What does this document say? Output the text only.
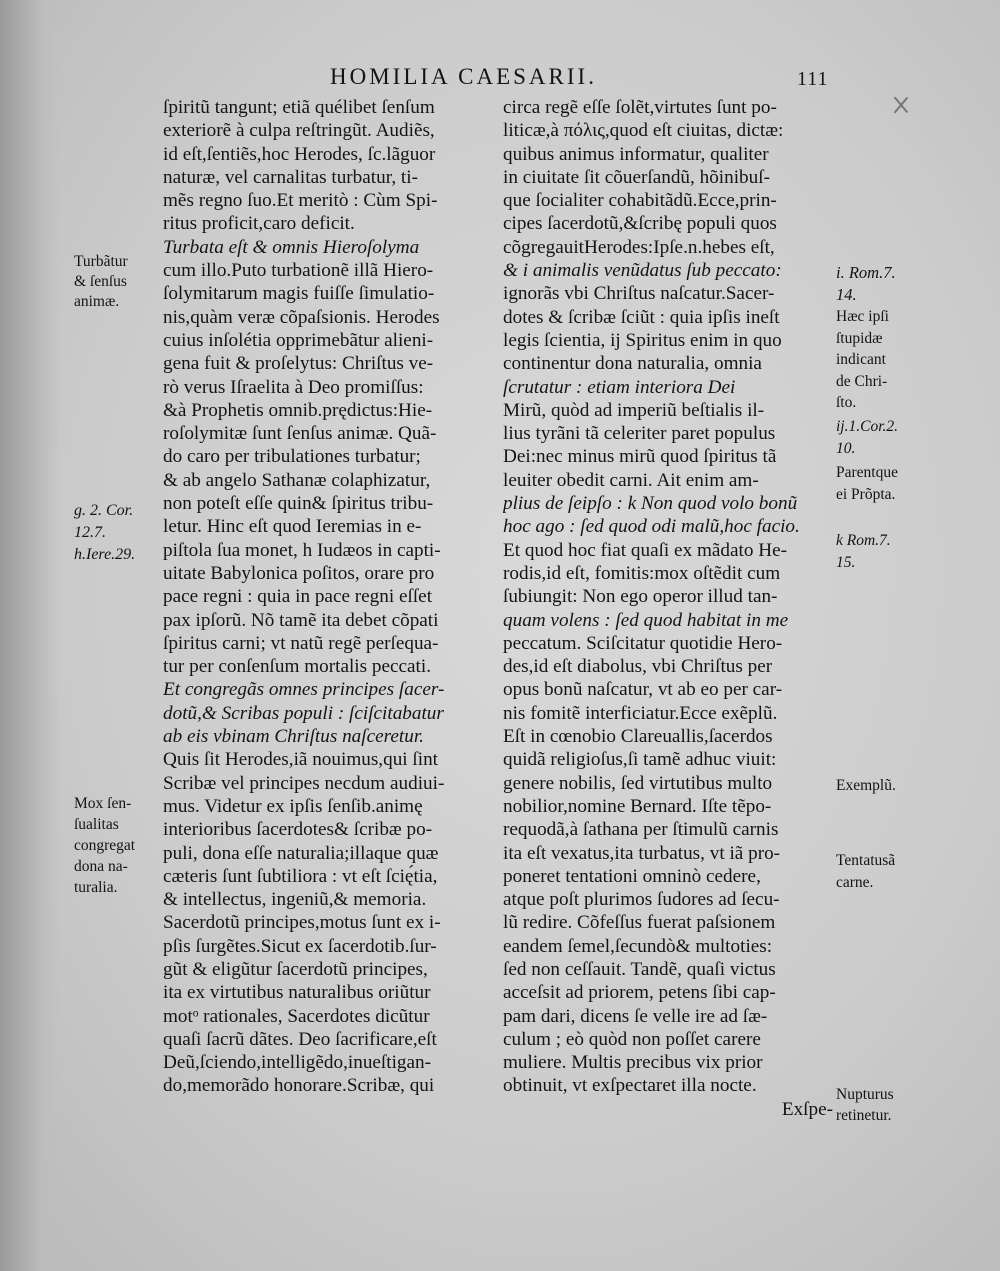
HOMILIA CAESARII.	111
Turbãtur
& ſenſus
animæ.
g. 2. Cor.
12.7.
h.Iere.29.
Mox ſen-
ſualitas
congregat
dona na-
turalia.
ſpiritũ tangunt; etiã quélibet ſenſum
exteriorẽ à culpa reſtringũt. Audiẽs,
id eſt,ſentiẽs,hoc Herodes, ſc.lãguor
naturæ, vel carnalitas turbatur, ti-
mẽs regno ſuo.Et meritò : Cùm Spi-
ritus proficit,caro deficit.
Turbata eſt & omnis Hieroſolyma
cum illo.Puto turbationẽ illã Hiero-
ſolymitarum magis fuiſſe ſimulatio-
nis,quàm veræ cõpaſsionis. Herodes
cuius inſolétia opprimebãtur alieni-
gena fuit & proſelytus: Chriſtus ve-
rò verus Iſraelita à Deo promiſſus:
&à Prophetis omnib.prędictus:Hie-
roſolymitæ ſunt ſenſus animæ. Quã-
do caro per tribulationes turbatur;
& ab angelo Sathanæ colaphizatur,
non poteſt eſſe quin& ſpiritus tribu-
letur. Hinc eſt quod Ieremias in e-
piſtola ſua monet, h Iudæos in capti-
uitate Babylonica poſitos, orare pro
pace regni : quia in pace regni eſſet
pax ipſorũ. Nõ tamẽ ita debet cõpati
ſpiritus carni; vt natũ regẽ perſequa-
tur per conſenſum mortalis peccati.
Et congregãs omnes principes ſacer-
dotũ,& Scribas populi : ſciſcitabatur
ab eis vbinam Chriſtus naſceretur.
Quis ſit Herodes,iã nouimus,qui ſint
Scribæ vel principes necdum audiui-
mus. Videtur ex ipſis ſenſib.animę
interioribus ſacerdotes& ſcribæ po-
puli, dona eſſe naturalia;illaque quæ
cæteris ſunt ſubtiliora : vt eſt ſcię́tia,
& intellectus, ingeniũ,& memoria.
Sacerdotũ principes,motus ſunt ex i-
pſis ſurgẽtes.Sicut ex ſacerdotib.ſur-
gũt & eligũtur ſacerdotũ principes,
ita ex virtutibus naturalibus oriũtur
motᵒ rationales, Sacerdotes dicũtur
quaſi ſacrũ dãtes. Deo ſacrificare,eſt
Deũ,ſciendo,intelligẽdo,inueſtigan-
do,memorãdo honorare.Scribæ, qui
circa regẽ eſſe ſolẽt,virtutes ſunt po-
liticæ,à πόλις,quod eſt ciuitas, dictæ:
quibus animus informatur, qualiter
in ciuitate ſit cõuerſandũ, hõinibuſ-
que ſocialiter cohabitãdũ.Ecce,prin-
cipes ſacerdotũ,&ſcribę populi quos
cõgregauitHerodes:Ipſe.n.hebes eſt,
& i animalis venũdatus ſub peccato:
ignorãs vbi Chriſtus naſcatur.Sacer-
dotes & ſcribæ ſciũt : quia ipſis ineſt
legis ſcientia, ij Spiritus enim in quo
continentur dona naturalia, omnia
ſcrutatur : etiam interiora Dei
Mirũ, quòd ad imperiũ beſtialis il-
lius tyrãni tã celeriter paret populus
Dei:nec minus mirũ quod ſpiritus tã
leuiter obedit carni. Ait enim am-
plius de ſeipſo : k Non quod volo bonũ
hoc ago : ſed quod odi malũ,hoc facio.
Et quod hoc fiat quaſi ex mãdato He-
rodis,id eſt, fomitis:mox oſtẽdit cum
ſubiungit: Non ego operor illud tan-
quam volens : ſed quod habitat in me
peccatum. Sciſcitatur quotidie Hero-
des,id eſt diabolus, vbi Chriſtus per
opus bonũ naſcatur, vt ab eo per car-
nis fomitẽ interficiatur.Ecce exẽplũ.
Eſt in cœnobio Clareuallis,ſacerdos
quidã religioſus,ſi tamẽ adhuc viuit:
genere nobilis, ſed virtutibus multo
nobilior,nomine Bernard. Iſte tẽpo-
requodã,à ſathana per ſtimulũ carnis
ita eſt vexatus,ita turbatus, vt iã pro-
poneret tentationi omninò cedere,
atque poſt plurimos ſudores ad ſecu-
lũ redire. Cõfeſſus fuerat paſsionem
eandem ſemel,ſecundò& multoties:
ſed non ceſſauit. Tandẽ, quaſi victus
acceſsit ad priorem, petens ſibi cap-
pam dari, dicens ſe velle ire ad ſæ-
culum ; eò quòd non poſſet carere
muliere. Multis precibus vix prior
obtinuit, vt exſpectaret illa nocte.
Exſpe-
i. Rom.7.
14.
Hæc ipſi
ſtupidæ
indicant
de Chri-
ſto.
ij.1.Cor.2.
10.
Parentque
ei Prõpta.
k Rom.7.
15.
Exemplũ.
Tentatusã
carne.
Nupturus
retinetur.
